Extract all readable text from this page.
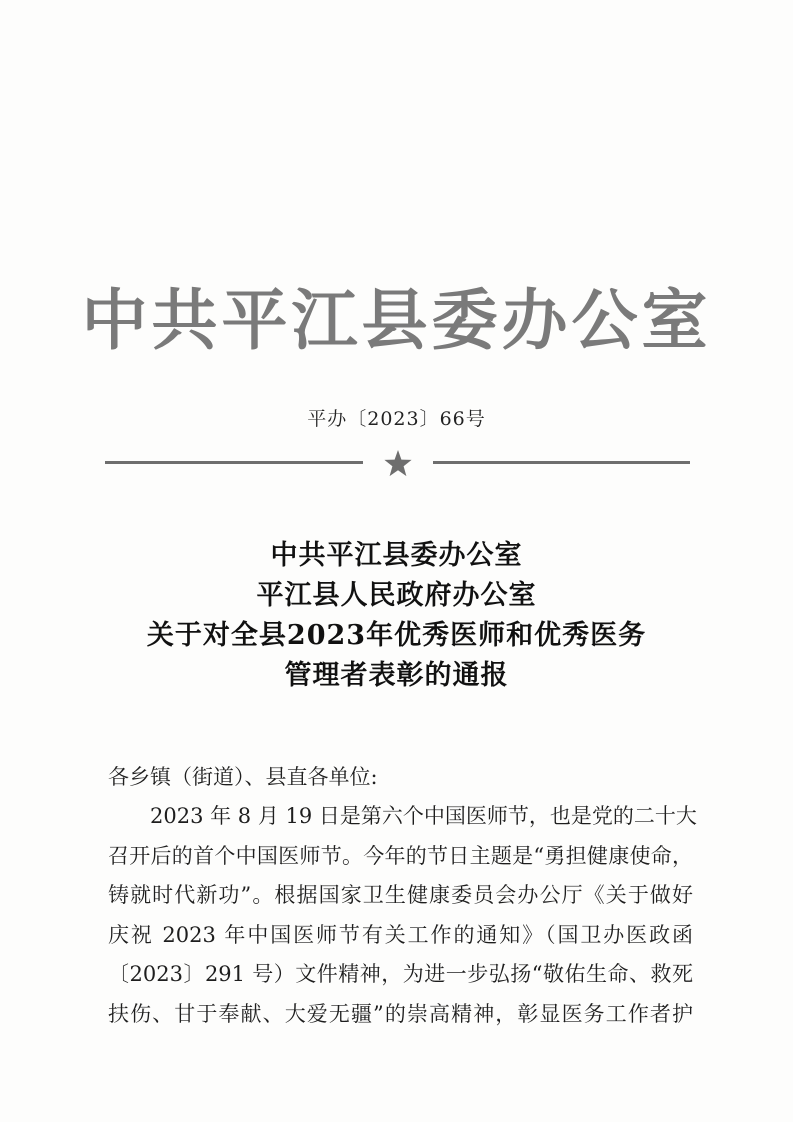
中共平江县委办公室
平办〔2023〕66号
中共平江县委办公室
平江县人民政府办公室
关于对全县2023年优秀医师和优秀医务
管理者表彰的通报
各乡镇（街道）、县直各单位:
2023 年 8 月 19 日是第六个中国医师节，也是党的二十大
召开后的首个中国医师节。今年的节日主题是“勇担健康使命，
铸就时代新功”。根据国家卫生健康委员会办公厅《关于做好
庆祝 2023 年中国医师节有关工作的通知》（国卫办医政函
〔2023〕291 号）文件精神，为进一步弘扬“敬佑生命、救死
扶伤、甘于奉献、大爱无疆”的崇高精神，彰显医务工作者护
